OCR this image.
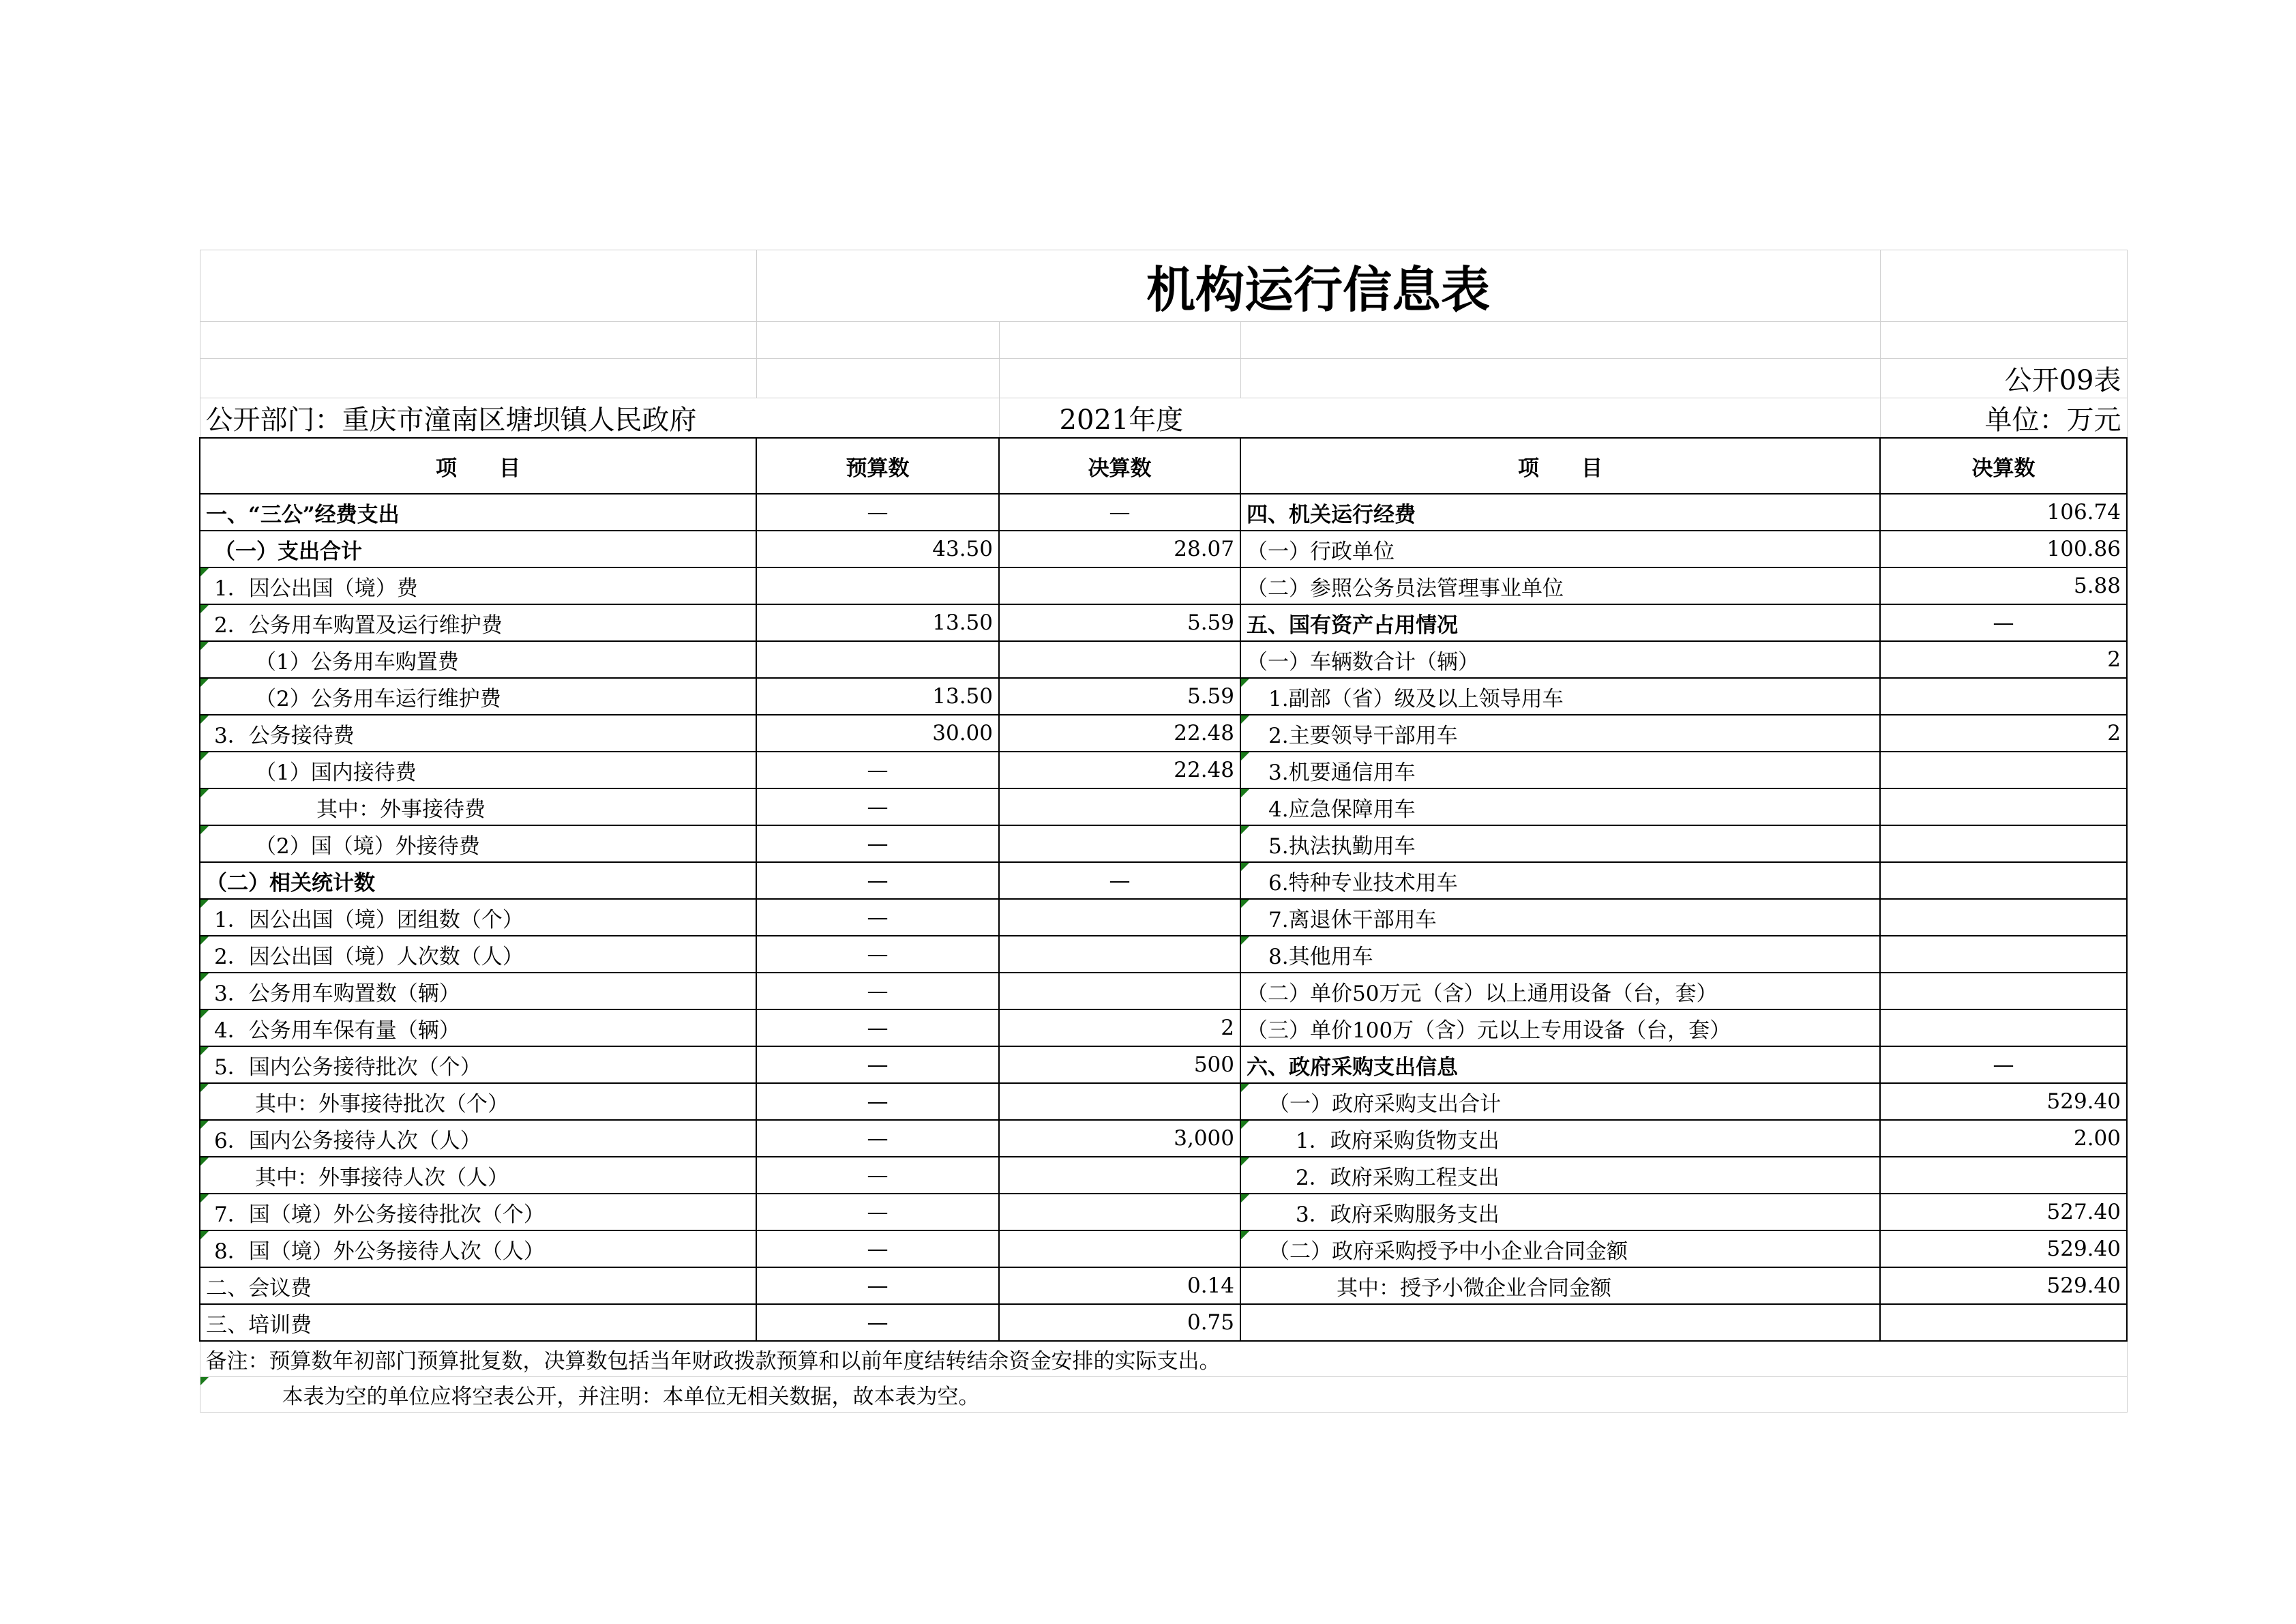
	机构运行信息表			

				公开09表
公开部门：重庆市潼南区塘坝镇人民政府		2021年度		单位：万元
项　　目	预算数	决算数	项　　目	决算数
一、“三公”经费支出	—	—	四、机关运行经费	106.74
（一）支出合计	43.50	28.07	（一）行政单位	100.86

1．因公出国（境）费			（二）参照公务员法管理事业单位	5.88

2．公务用车购置及运行维护费	13.50	5.59	五、国有资产占用情况	—

（1）公务用车购置费			（一）车辆数合计（辆）	2

（2）公务用车运行维护费	13.50	5.59	1.副部（省）级及以上领导用车	

3．公务接待费	30.00	22.48	2.主要领导干部用车	2

（1）国内接待费	—	22.48	3.机要通信用车	

其中：外事接待费	—		4.应急保障用车	

（2）国（境）外接待费	—		5.执法执勤用车	
（二）相关统计数	—	—	6.特种专业技术用车	

1．因公出国（境）团组数（个）	—		7.离退休干部用车	

2．因公出国（境）人次数（人）	—		8.其他用车	

3．公务用车购置数（辆）	—		（二）单价50万元（含）以上通用设备（台，套）	

4．公务用车保有量（辆）	—	2	（三）单价100万（含）元以上专用设备（台，套）	

5．国内公务接待批次（个）	—	500	六、政府采购支出信息	—

其中：外事接待批次（个）	—		（一）政府采购支出合计	529.40

6．国内公务接待人次（人）	—	3,000	1．政府采购货物支出	2.00

其中：外事接待人次（人）	—		2．政府采购工程支出	

7．国（境）外公务接待批次（个）	—		3．政府采购服务支出	527.40

8．国（境）外公务接待人次（人）	—		（二）政府采购授予中小企业合同金额	529.40
二、会议费	—	0.14	其中：授予小微企业合同金额	529.40
三、培训费	—	0.75		
备注：预算数年初部门预算批复数，决算数包括当年财政拨款预算和以前年度结转结余资金安排的实际支出。				

本表为空的单位应将空表公开，并注明：本单位无相关数据，故本表为空。				
